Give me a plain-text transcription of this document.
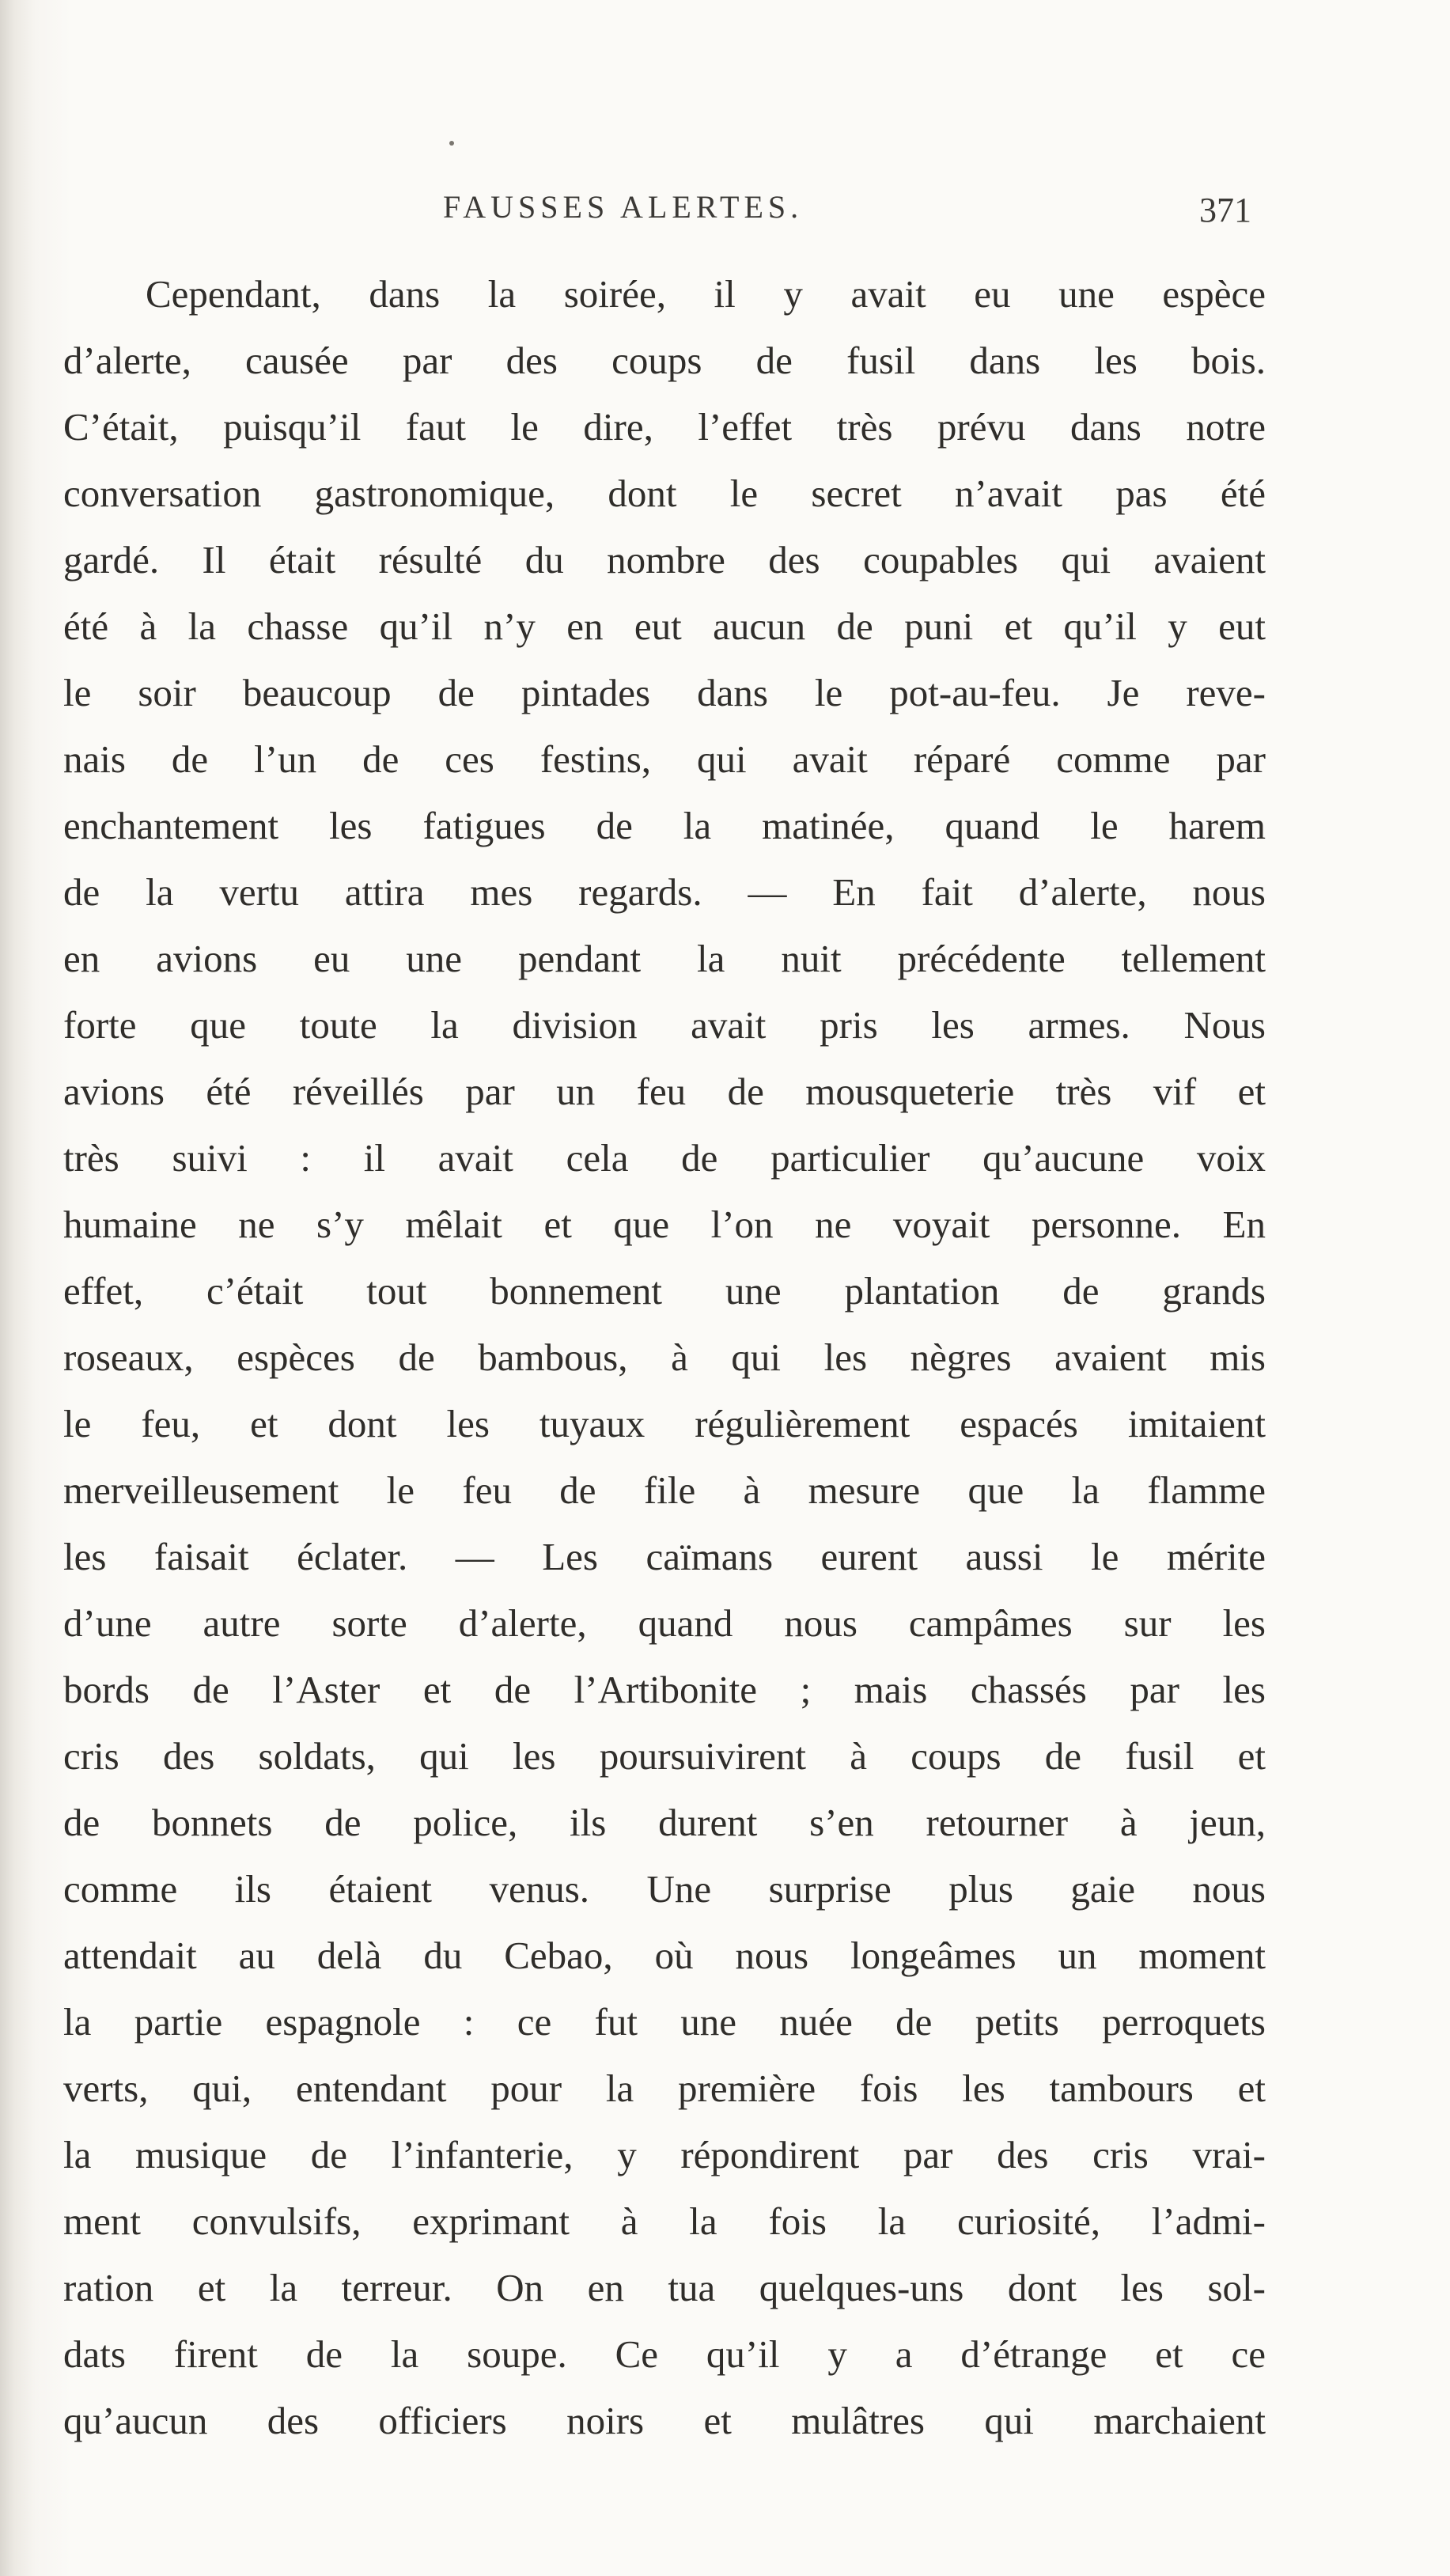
FAUSSES ALERTES.	371
Cependant, dans la soirée, il y avait eu une espèce
d’alerte, causée par des coups de fusil dans les bois.
C’était, puisqu’il faut le dire, l’effet très prévu dans notre
conversation gastronomique, dont le secret n’avait pas été
gardé. Il était résulté du nombre des coupables qui avaient
été à la chasse qu’il n’y en eut aucun de puni et qu’il y eut
le soir beaucoup de pintades dans le pot-au-feu. Je reve-
nais de l’un de ces festins, qui avait réparé comme par
enchantement les fatigues de la matinée, quand le harem
de la vertu attira mes regards. — En fait d’alerte, nous
en avions eu une pendant la nuit précédente tellement
forte que toute la division avait pris les armes. Nous
avions été réveillés par un feu de mousqueterie très vif et
très suivi : il avait cela de particulier qu’aucune voix
humaine ne s’y mêlait et que l’on ne voyait personne. En
effet, c’était tout bonnement une plantation de grands
roseaux, espèces de bambous, à qui les nègres avaient mis
le feu, et dont les tuyaux régulièrement espacés imitaient
merveilleusement le feu de file à mesure que la flamme
les faisait éclater. — Les caïmans eurent aussi le mérite
d’une autre sorte d’alerte, quand nous campâmes sur les
bords de l’Aster et de l’Artibonite ; mais chassés par les
cris des soldats, qui les poursuivirent à coups de fusil et
de bonnets de police, ils durent s’en retourner à jeun,
comme ils étaient venus. Une surprise plus gaie nous
attendait au delà du Cebao, où nous longeâmes un moment
la partie espagnole : ce fut une nuée de petits perroquets
verts, qui, entendant pour la première fois les tambours et
la musique de l’infanterie, y répondirent par des cris vrai-
ment convulsifs, exprimant à la fois la curiosité, l’admi-
ration et la terreur. On en tua quelques-uns dont les sol-
dats firent de la soupe. Ce qu’il y a d’étrange et ce
qu’aucun des officiers noirs et mulâtres qui marchaient
